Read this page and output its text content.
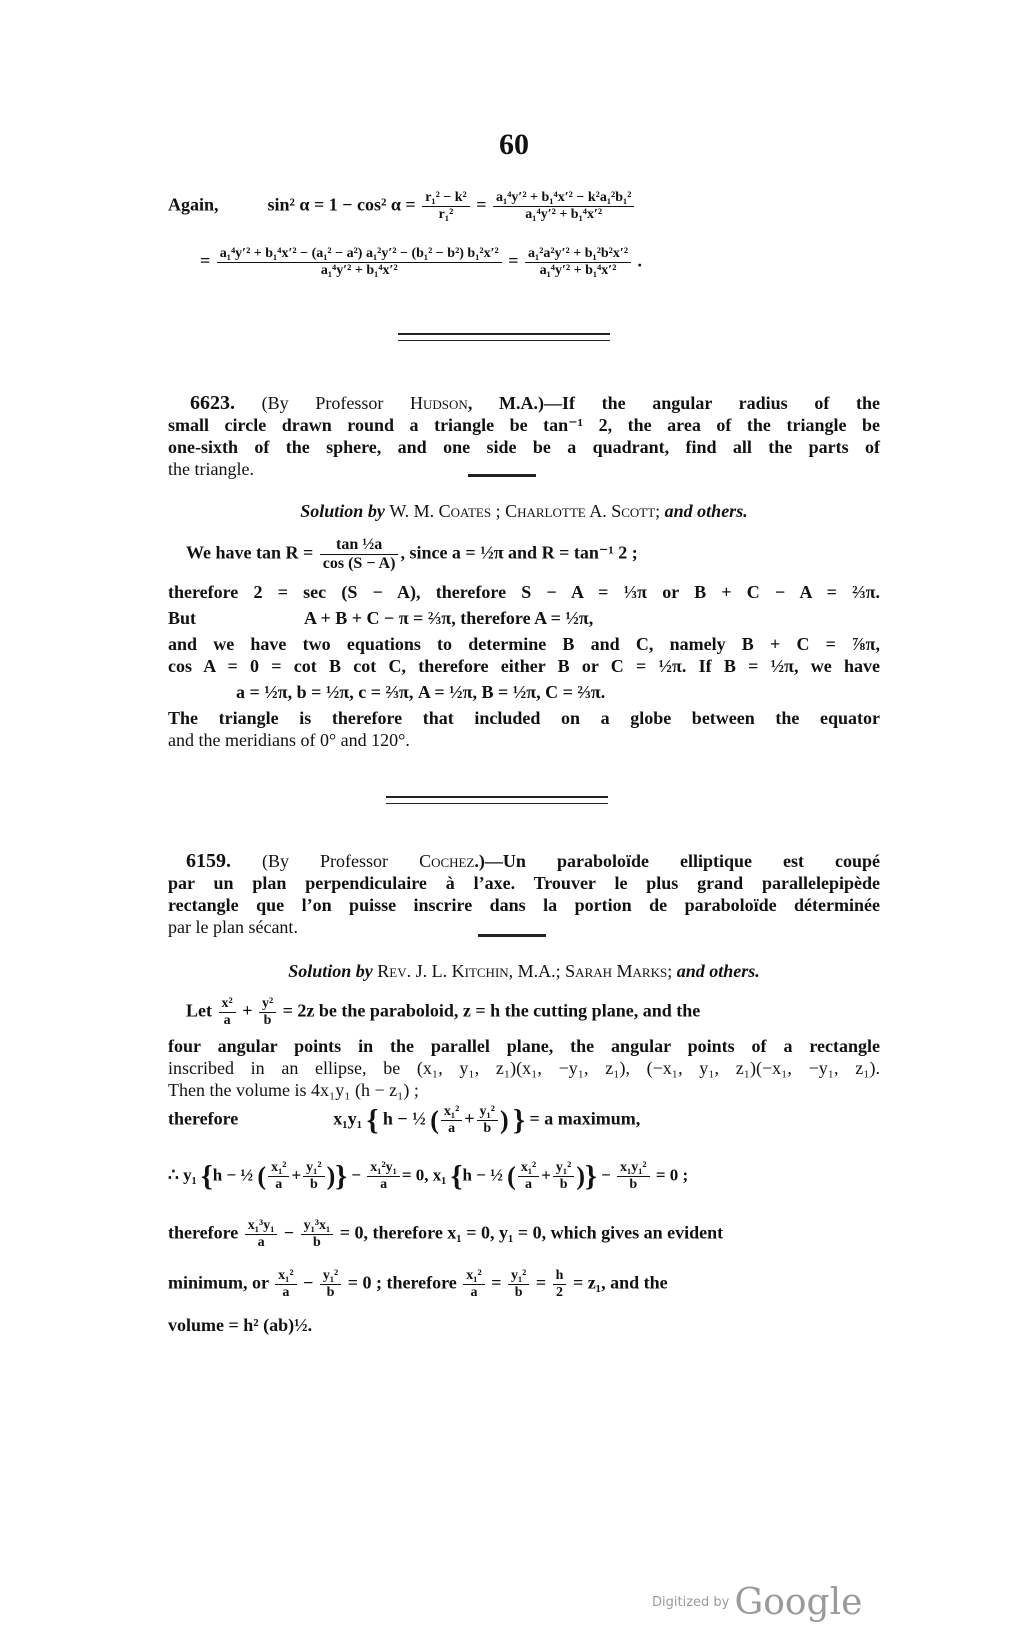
60
Again,	sin² α = 1 − cos² $\alpha = \frac{\text{r₁² − k²}}{\text{r₁²}} = \frac{\text{a₁⁴y′² + b₁⁴x′² − k²a₁²b₁²}}{\text{a₁⁴y′² + b₁⁴x′²}}$
= $\frac{\text{a₁⁴y′² + b₁⁴x′² − (a₁² − a²) a₁²y′² − (b₁² − b²) b₁²x′²}}{\text{a₁⁴y′² + b₁⁴x′²}} = \frac{\text{a₁²a²y′² + b₁²b²x′²}}{\text{a₁⁴y′² + b₁⁴x′²}}$ .
6623. (By Professor Hudson, M.A.)—If the angular radius of the
small circle drawn round a triangle be tan⁻¹ 2, the area of the triangle be
one-sixth of the sphere, and one side be a quadrant, find all the parts of
the triangle.
Solution by W. M. Coates ; Charlotte A. Scott; and others.
We have $\tan R = \frac{\text{tan ½a}}{\cos (S - A)}$ , since a = ½π and R = tan⁻¹ 2 ;
therefore 2 = sec (S − A), therefore S − A = ⅓π or B + C − A = ⅔π.
But	A + B + C − π = ⅔π, therefore A = ½π,
and we have two equations to determine B and C, namely B + C = ⅞π,
cos A = 0 = cot B cot C, therefore either B or C = ½π. If B = ½π, we have
a = ½π, b = ½π, c = ⅔π, A = ½π, B = ½π, C = ⅔π.
The triangle is therefore that included on a globe between the equator
and the meridians of 0° and 120°.
6159. (By Professor Cochez.)—Un paraboloïde elliptique est coupé
par un plan perpendiculaire à l’axe. Trouver le plus grand parallelepipède
rectangle que l’on puisse inscrire dans la portion de paraboloïde déterminée
par le plan sécant.
Solution by Rev. J. L. Kitchin, M.A.; Sarah Marks; and others.
Let $\frac{\text{x²}}{a} + \frac{\text{y²}}{b} = 2z$ be the paraboloid, z = h the cutting plane, and the
four angular points in the parallel plane, the angular points of a rectangle
inscribed in an ellipse, be (x₁, y₁, z₁)(x₁, −y₁, z₁), (−x₁, y₁, z₁)(−x₁, −y₁, z₁).
Then the volume is 4x₁y₁ (h − z₁) ;
therefore	x₁y₁ { h − ½ ( $\frac{\text{x₁²}}{a} + \frac{\text{y₁²}}{b}$ ) } = a maximum,
∴ y₁ {h − ½ ( $\frac{\text{x₁²}}{a} + \frac{\text{y₁²}}{b}$ )} − $\frac{\text{x₁²y₁}}{a} = 0$, x₁ {h − ½ ( $\frac{\text{x₁²}}{a} + \frac{\text{y₁²}}{b}$ )} − $\frac{\text{x₁y₁²}}{b} = 0$ ;
therefore $\frac{\text{x₁³y₁}}{a} - \frac{\text{y₁³x₁}}{b} = 0$, therefore x₁ = 0, y₁ = 0, which gives an evident
minimum, or $\frac{\text{x₁²}}{a} - \frac{\text{y₁²}}{b} = 0$ ; therefore $\frac{\text{x₁²}}{a} = \frac{\text{y₁²}}{b} = \frac{h}{2} = z_1$, and the
volume = h² (ab)½.
Digitized by Google
